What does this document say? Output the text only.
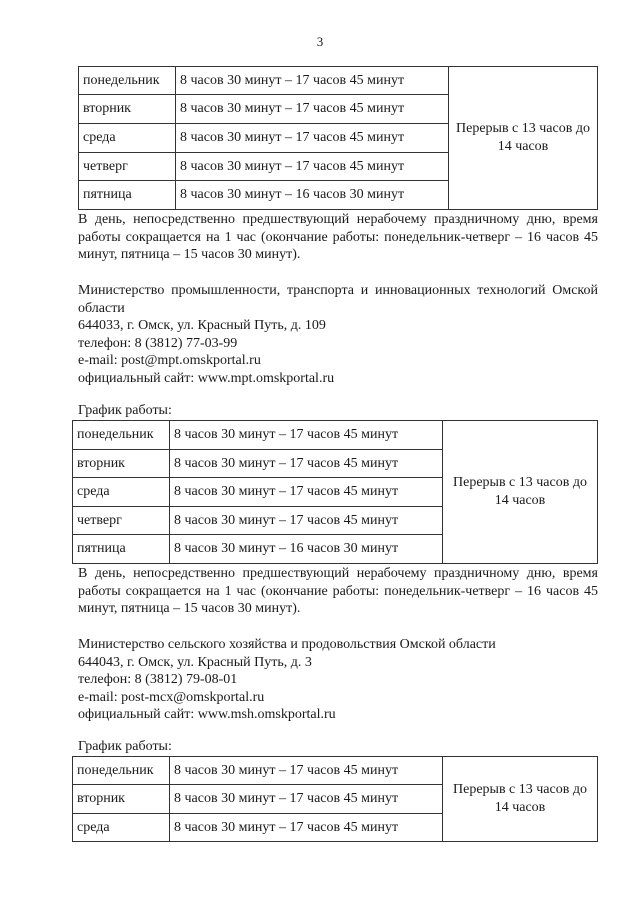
3
понедельник	8 часов 30 минут – 17 часов 45 минут	Перерыв с 13 часов до 14 часов
вторник	8 часов 30 минут – 17 часов 45 минут	
среда	8 часов 30 минут – 17 часов 45 минут	
четверг	8 часов 30 минут – 17 часов 45 минут	
пятница	8 часов 30 минут – 16 часов 30 минут	
В день, непосредственно предшествующий нерабочему праздничному дню, время работы сокращается на 1 час (окончание работы: понедельник-четверг – 16 часов 45 минут, пятница – 15 часов 30 минут).
Министерство промышленности, транспорта и инновационных технологий Омской области
644033, г. Омск, ул. Красный Путь, д. 109
телефон: 8 (3812) 77-03-99
e-mail: post@mpt.omskportal.ru
официальный сайт: www.mpt.omskportal.ru
График работы:
понедельник	8 часов 30 минут – 17 часов 45 минут	Перерыв с 13 часов до 14 часов
вторник	8 часов 30 минут – 17 часов 45 минут	
среда	8 часов 30 минут – 17 часов 45 минут	
четверг	8 часов 30 минут – 17 часов 45 минут	
пятница	8 часов 30 минут – 16 часов 30 минут	
В день, непосредственно предшествующий нерабочему праздничному дню, время работы сокращается на 1 час (окончание работы: понедельник-четверг – 16 часов 45 минут, пятница – 15 часов 30 минут).
Министерство сельского хозяйства и продовольствия Омской области
644043, г. Омск, ул. Красный Путь, д. 3
телефон: 8 (3812) 79-08-01
e-mail: post-mcx@omskportal.ru
официальный сайт: www.msh.omskportal.ru
График работы:
понедельник	8 часов 30 минут – 17 часов 45 минут	Перерыв с 13 часов до 14 часов
вторник	8 часов 30 минут – 17 часов 45 минут	
среда	8 часов 30 минут – 17 часов 45 минут	
